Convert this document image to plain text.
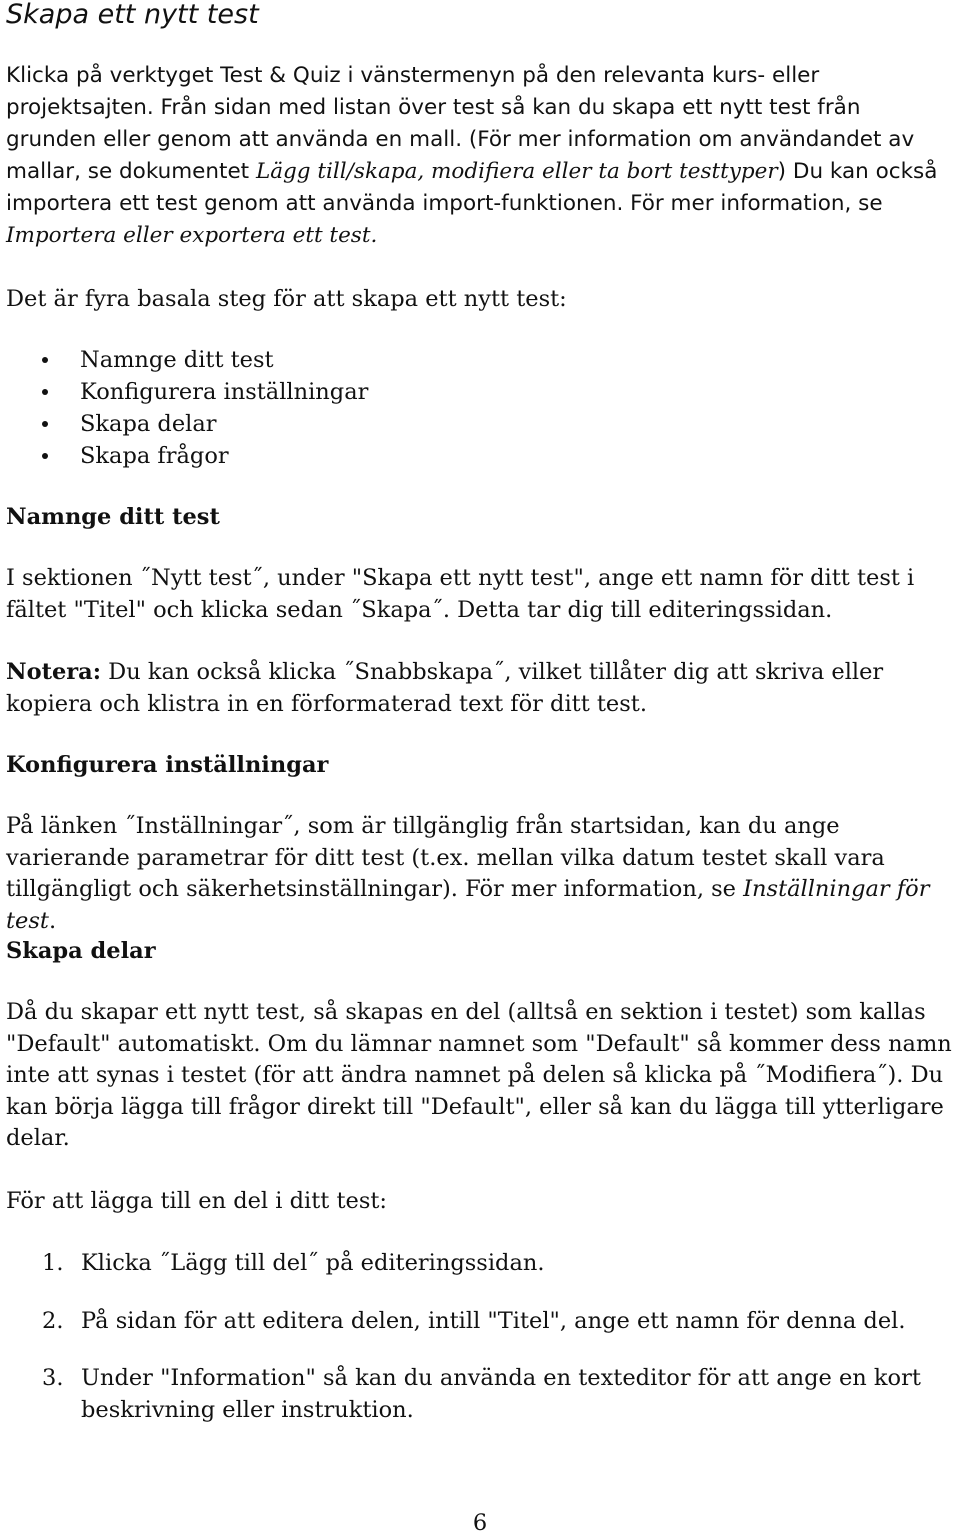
Skapa ett nytt test

Klicka på verktyget Test & Quiz i vänstermenyn på den relevanta kurs- eller projektsajten. Från sidan med listan över test så kan du skapa ett nytt test från grunden eller genom att använda en mall. (För mer information om användandet av mallar, se dokumentet Lägg till/skapa, modifiera eller ta bort testtyper) Du kan också importera ett test genom att använda import-funktionen. För mer information, se Importera eller exportera ett test.

Det är fyra basala steg för att skapa ett nytt test:

Namnge ditt test
Konfigurera inställningar
Skapa delar
Skapa frågor
Namnge ditt test

I sektionen ˝Nytt test˝, under "Skapa ett nytt test", ange ett namn för ditt test i fältet "Titel" och klicka sedan ˝Skapa˝. Detta tar dig till editeringssidan.

Notera: Du kan också klicka ˝Snabbskapa˝, vilket tillåter dig att skriva eller kopiera och klistra in en förformaterad text för ditt test.

Konfigurera inställningar

På länken ˝Inställningar˝, som är tillgänglig från startsidan, kan du ange varierande parametrar för ditt test (t.ex. mellan vilka datum testet skall vara tillgängligt och säkerhetsinställningar). För mer information, se Inställningar för test.

Skapa delar

Då du skapar ett nytt test, så skapas en del (alltså en sektion i testet) som kallas "Default" automatiskt. Om du lämnar namnet som "Default" så kommer dess namn inte att synas i testet (för att ändra namnet på delen så klicka på ˝Modifiera˝). Du kan börja lägga till frågor direkt till "Default", eller så kan du lägga till ytterligare delar.

För att lägga till en del i ditt test:

1. Klicka ˝Lägg till del˝ på editeringssidan.
2. På sidan för att editera delen, intill "Titel", ange ett namn för denna del.
3. Under "Information" så kan du använda en texteditor för att ange en kort beskrivning eller instruktion.
6
